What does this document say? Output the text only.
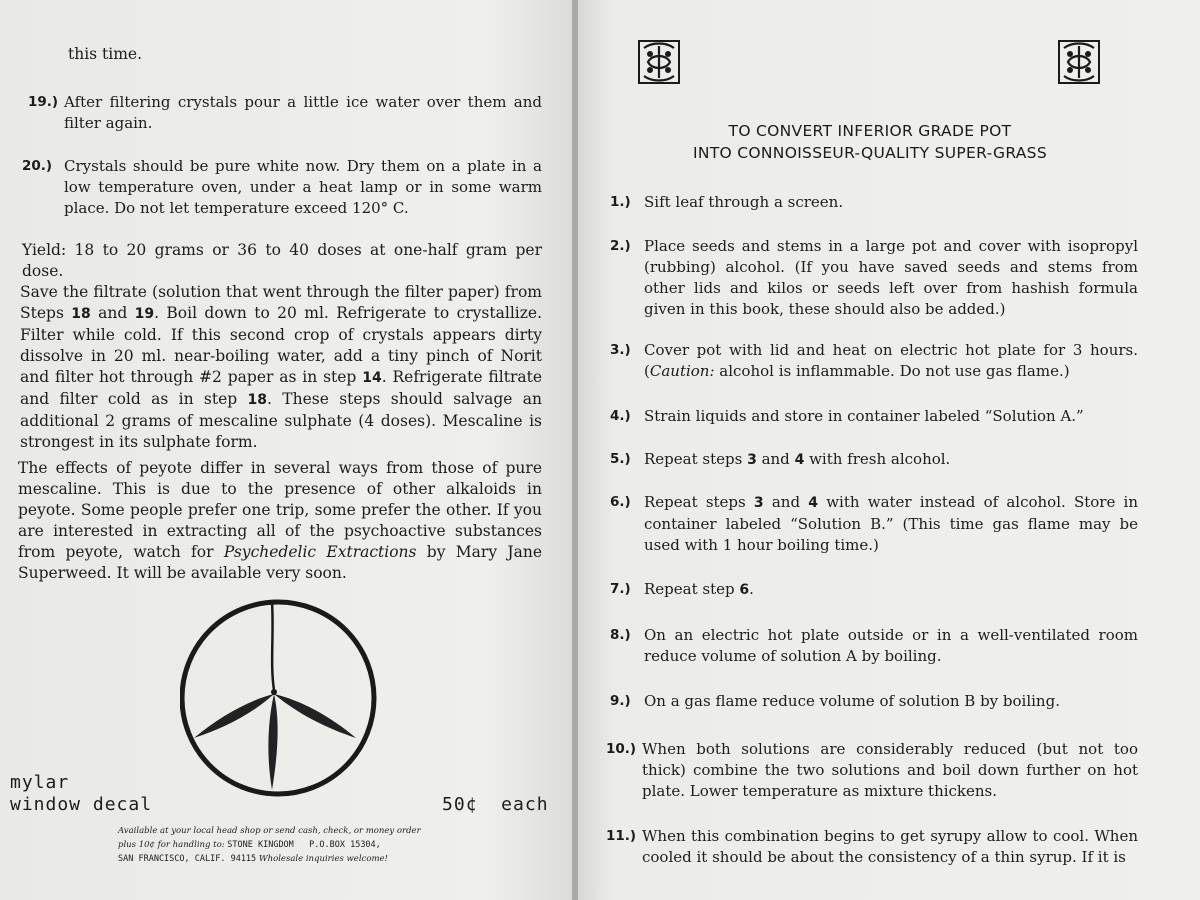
this time.
19.) After filtering crystals pour a little ice water over them and filter again.
20.) Crystals should be pure white now. Dry them on a plate in a low temperature oven, under a heat lamp or in some warm place. Do not let temperature exceed 120° C.
Yield: 18 to 20 grams or 36 to 40 doses at one-half gram per dose.
Save the filtrate (solution that went through the filter paper) from Steps 18 and 19. Boil down to 20 ml. Refrigerate to crystallize. Filter while cold. If this second crop of crystals appears dirty dissolve in 20 ml. near-boiling water, add a tiny pinch of Norit and filter hot through #2 paper as in step 14. Refrigerate filtrate and filter cold as in step 18. These steps should salvage an additional 2 grams of mescaline sulphate (4 doses). Mescaline is strongest in its sulphate form.
The effects of peyote differ in several ways from those of pure mescaline. This is due to the presence of other alkaloids in peyote. Some people prefer one trip, some prefer the other. If you are interested in extracting all of the psychoactive substances from peyote, watch for Psychedelic Extractions by Mary Jane Superweed. It will be available very soon.
mylar
window decal	50¢  each
Available at your local head shop or send cash, check, or money order
plus 10¢ for handling to: STONE KINGDOM   P.O.BOX 15304,
SAN FRANCISCO, CALIF. 94115 Wholesale inquiries welcome!
TO CONVERT INFERIOR GRADE POT
INTO CONNOISSEUR-QUALITY SUPER-GRASS
1.) Sift leaf through a screen.
2.) Place seeds and stems in a large pot and cover with isopropyl (rubbing) alcohol. (If you have saved seeds and stems from other lids and kilos or seeds left over from hashish formula given in this book, these should also be added.)
3.) Cover pot with lid and heat on electric hot plate for 3 hours. (Caution: alcohol is inflammable. Do not use gas flame.)
4.) Strain liquids and store in container labeled “Solution A.”
5.) Repeat steps 3 and 4 with fresh alcohol.
6.) Repeat steps 3 and 4 with water instead of alcohol. Store in container labeled “Solution B.” (This time gas flame may be used with 1 hour boiling time.)
7.) Repeat step 6.
8.) On an electric hot plate outside or in a well-ventilated room reduce volume of solution A by boiling.
9.) On a gas flame reduce volume of solution B by boiling.
10.) When both solutions are considerably reduced (but not too thick) combine the two solutions and boil down further on hot plate. Lower temperature as mixture thickens.
11.) When this combination begins to get syrupy allow to cool. When cooled it should be about the consistency of a thin syrup. If it is
